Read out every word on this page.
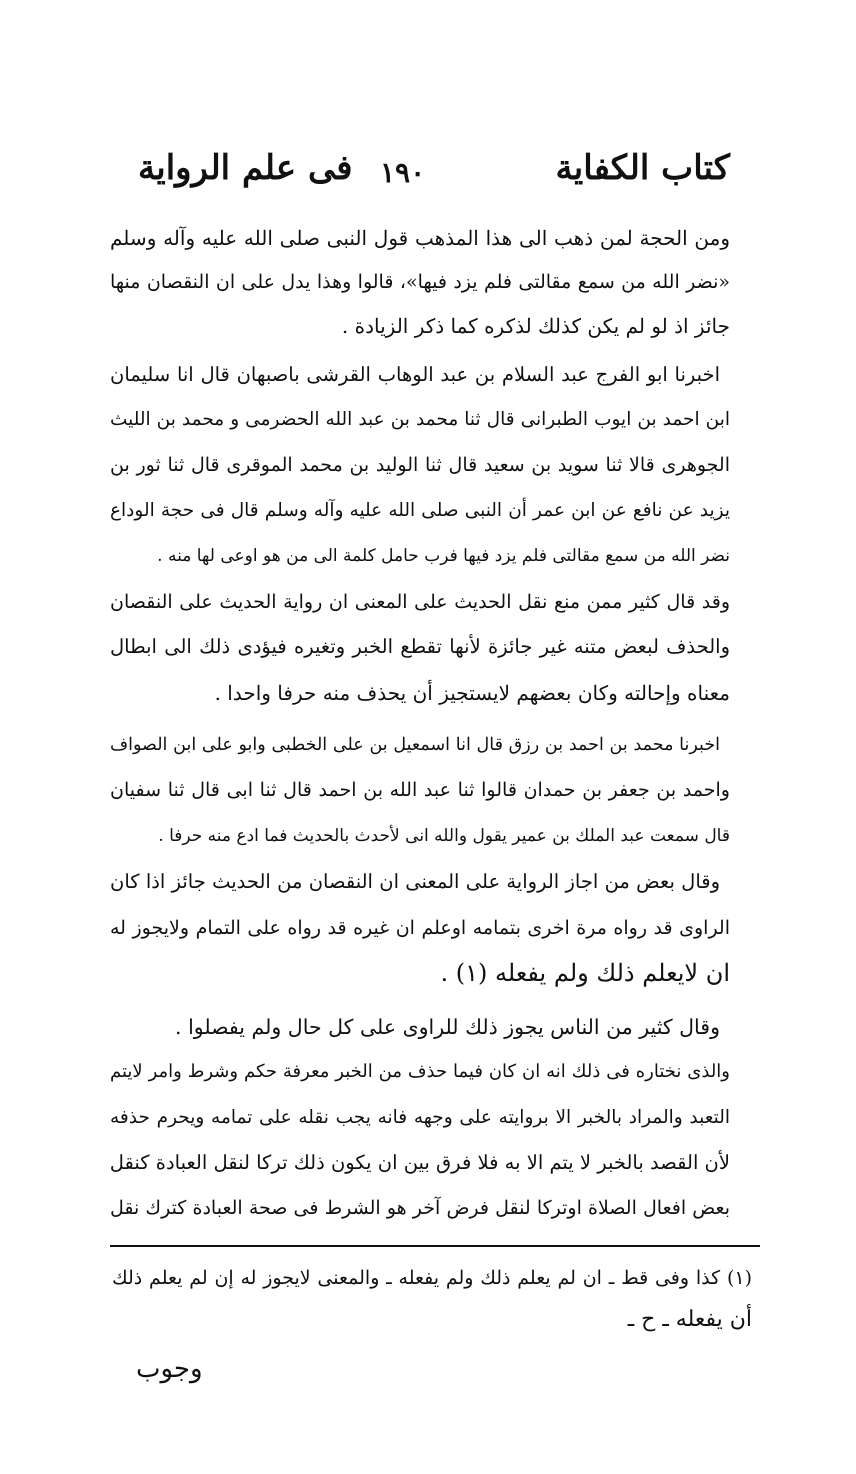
كتاب الكفاية
١٩٠
فى علم الرواية
ومن الحجة لمن ذهب الى هذا المذهب قول النبى صلى الله عليه وآله وسلم
«نضر الله من سمع مقالتى فلم يزد فيها»، قالوا وهذا يدل على ان النقصان منها
جائز اذ لو لم يكن كذلك لذكره كما ذكر الزيادة .
اخبرنا ابو الفرج عبد السلام بن عبد الوهاب القرشى باصبهان قال انا سليمان
ابن احمد بن ايوب الطبرانى قال ثنا محمد بن عبد الله الحضرمى و محمد بن الليث
الجوهرى قالا ثنا سويد بن سعيد قال ثنا الوليد بن محمد الموقرى قال ثنا ثور بن
يزيد عن نافع عن ابن عمر أن النبى صلى الله عليه وآله وسلم قال فى حجة الوداع
نضر الله من سمع مقالتى فلم يزد فيها فرب حامل كلمة الى من هو اوعى لها منه .
وقد قال كثير ممن منع نقل الحديث على المعنى ان رواية الحديث على النقصان
والحذف لبعض متنه غير جائزة لأنها تقطع الخبر وتغيره فيؤدى ذلك الى ابطال
معناه وإحالته وكان بعضهم لايستجيز أن يحذف منه حرفا واحدا .
اخبرنا محمد بن احمد بن رزق قال انا اسمعيل بن على الخطبى وابو على ابن الصواف
واحمد بن جعفر بن حمدان قالوا ثنا عبد الله بن احمد قال ثنا ابى قال ثنا سفيان
قال سمعت عبد الملك بن عمير يقول والله انى لأحدث بالحديث فما ادع منه حرفا .
وقال بعض من اجاز الرواية على المعنى ان النقصان من الحديث جائز اذا كان
الراوى قد رواه مرة اخرى بتمامه اوعلم ان غيره قد رواه على التمام ولايجوز له
ان لايعلم ذلك ولم يفعله (١) .
وقال كثير من الناس يجوز ذلك للراوى على كل حال ولم يفصلوا .
والذى نختاره فى ذلك انه ان كان فيما حذف من الخبر معرفة حكم وشرط وامر لايتم
التعبد والمراد بالخبر الا بروايته على وجهه فانه يجب نقله على تمامه ويحرم حذفه
لأن القصد بالخبر لا يتم الا به فلا فرق بين ان يكون ذلك تركا لنقل العبادة كنقل
بعض افعال الصلاة اوتركا لنقل فرض آخر هو الشرط فى صحة العبادة كترك نقل
(١) كذا وفى قط ـ ان لم يعلم ذلك ولم يفعله ـ والمعنى لايجوز له إن لم يعلم ذلك
أن يفعله ـ ح ـ
وجوب
